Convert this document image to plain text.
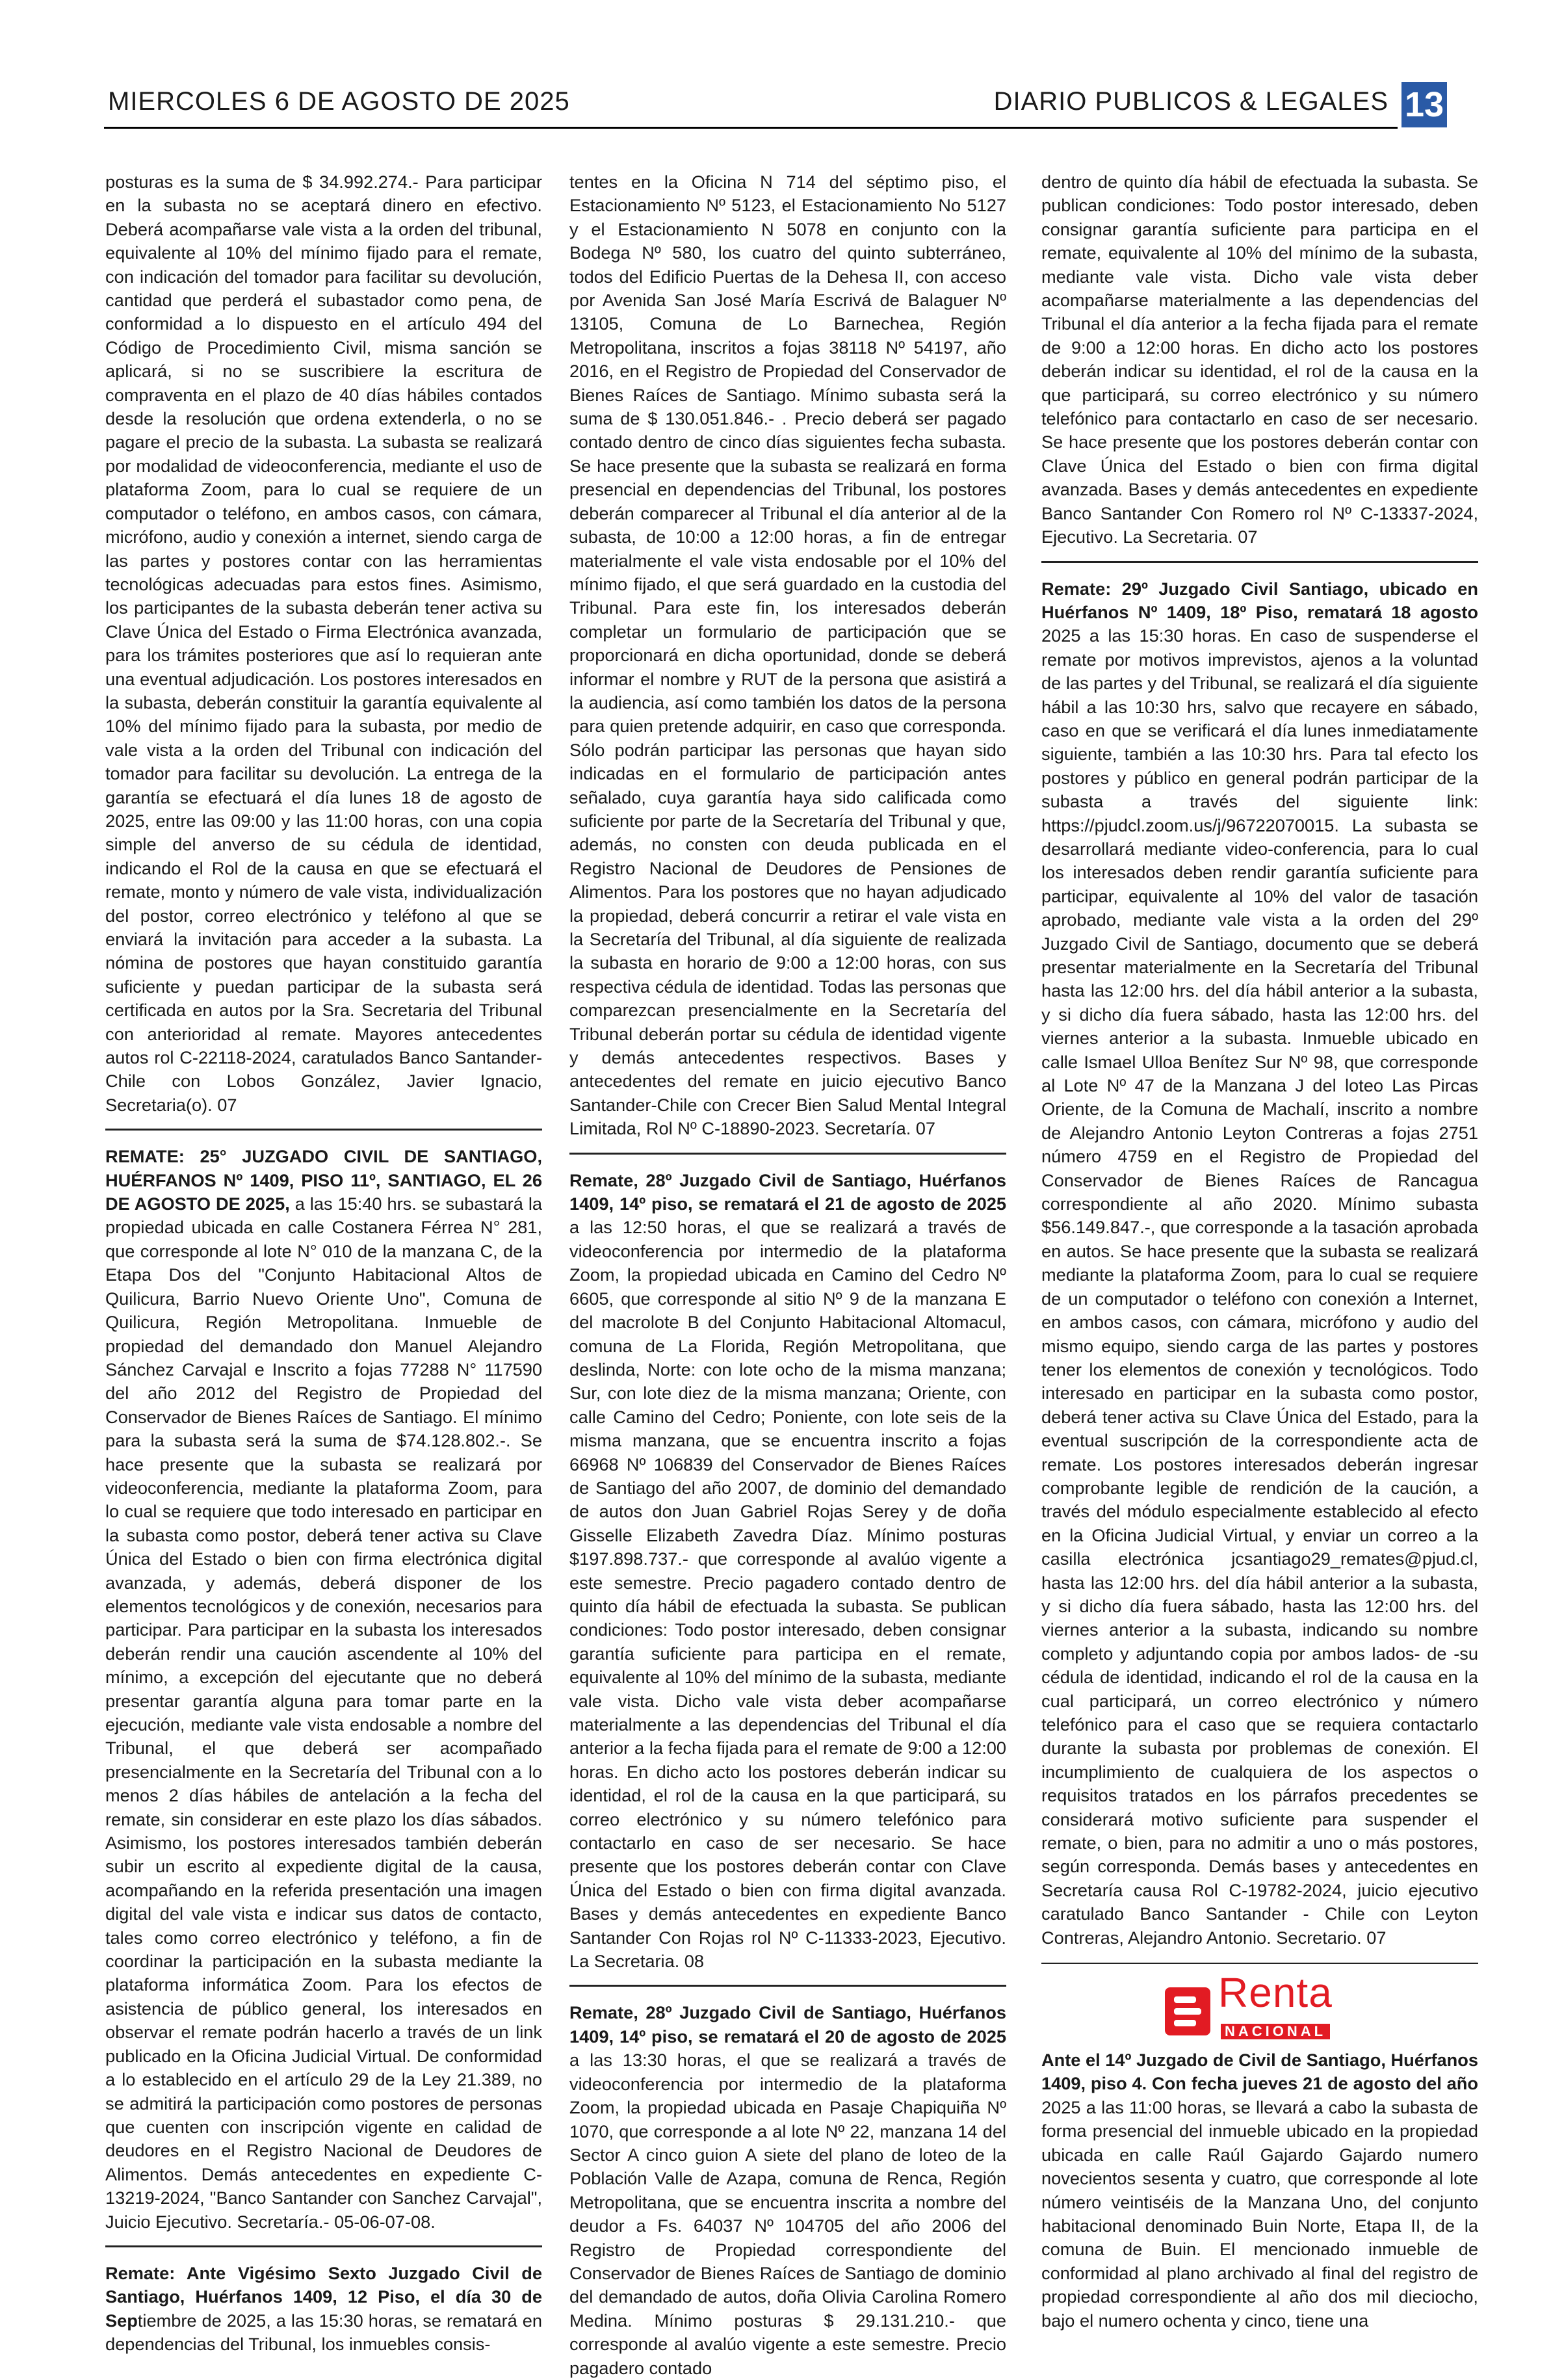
MIERCOLES 6 DE AGOSTO DE 2025	DIARIO PUBLICOS & LEGALES 13

posturas es la suma de $ 34.992.274.- Para participar en la subasta no se aceptará dinero en efectivo. Deberá acompañarse vale vista a la orden del tribunal, equivalente al 10% del mínimo fijado para el remate, con indicación del tomador para facilitar su devolución, cantidad que perderá el subastador como pena, de conformidad a lo dispuesto en el artículo 494 del Código de Procedimiento Civil, misma sanción se aplicará, si no se suscribiere la escritura de compraventa en el plazo de 40 días hábiles contados desde la resolución que ordena extenderla, o no se pagare el precio de la subasta. La subasta se realizará por modalidad de videoconferencia, mediante el uso de plataforma Zoom, para lo cual se requiere de un computador o teléfono, en ambos casos, con cámara, micrófono, audio y conexión a internet, siendo carga de las partes y postores contar con las herramientas tecnológicas adecuadas para estos fines. Asimismo, los participantes de la subasta deberán tener activa su Clave Única del Estado o Firma Electrónica avanzada, para los trámites posteriores que así lo requieran ante una eventual adjudicación. Los postores interesados en la subasta, deberán constituir la garantía equivalente al 10% del mínimo fijado para la subasta, por medio de vale vista a la orden del Tribunal con indicación del tomador para facilitar su devolución. La entrega de la garantía se efectuará el día lunes 18 de agosto de 2025, entre las 09:00 y las 11:00 horas, con una copia simple del anverso de su cédula de identidad, indicando el Rol de la causa en que se efectuará el remate, monto y número de vale vista, individualización del postor, correo electrónico y teléfono al que se enviará la invitación para acceder a la subasta. La nómina de postores que hayan constituido garantía suficiente y puedan participar de la subasta será certificada en autos por la Sra. Secretaria del Tribunal con anterioridad al remate. Mayores antecedentes autos rol C-22118-2024, caratulados Banco Santander-Chile con Lobos González, Javier Ignacio, Secretaria(o). 07

REMATE: 25° JUZGADO CIVIL DE SANTIAGO, HUÉRFANOS Nº 1409, PISO 11º, SANTIAGO, EL 26 DE AGOSTO DE 2025, a las 15:40 hrs. se subastará la propiedad ubicada en calle Costanera Férrea N° 281, que corresponde al lote N° 010 de la manzana C, de la Etapa Dos del "Conjunto Habitacional Altos de Quilicura, Barrio Nuevo Oriente Uno", Comuna de Quilicura, Región Metropolitana. Inmueble de propiedad del demandado don Manuel Alejandro Sánchez Carvajal e Inscrito a fojas 77288 N° 117590 del año 2012 del Registro de Propiedad del Conservador de Bienes Raíces de Santiago. El mínimo para la subasta será la suma de $74.128.802.-. Se hace presente que la subasta se realizará por videoconferencia, mediante la plataforma Zoom, para lo cual se requiere que todo interesado en participar en la subasta como postor, deberá tener activa su Clave Única del Estado o bien con firma electrónica digital avanzada, y además, deberá disponer de los elementos tecnológicos y de conexión, necesarios para participar. Para participar en la subasta los interesados deberán rendir una caución ascendente al 10% del mínimo, a excepción del ejecutante que no deberá presentar garantía alguna para tomar parte en la ejecución, mediante vale vista endosable a nombre del Tribunal, el que deberá ser acompañado presencialmente en la Secretaría del Tribunal con a lo menos 2 días hábiles de antelación a la fecha del remate, sin considerar en este plazo los días sábados. Asimismo, los postores interesados también deberán subir un escrito al expediente digital de la causa, acompañando en la referida presentación una imagen digital del vale vista e indicar sus datos de contacto, tales como correo electrónico y teléfono, a fin de coordinar la participación en la subasta mediante la plataforma informática Zoom. Para los efectos de asistencia de público general, los interesados en observar el remate podrán hacerlo a través de un link publicado en la Oficina Judicial Virtual. De conformidad a lo establecido en el artículo 29 de la Ley 21.389, no se admitirá la participación como postores de personas que cuenten con inscripción vigente en calidad de deudores en el Registro Nacional de Deudores de Alimentos. Demás antecedentes en expediente C-13219-2024, "Banco Santander con Sanchez Carvajal", Juicio Ejecutivo. Secretaría.- 05-06-07-08.

Remate: Ante Vigésimo Sexto Juzgado Civil de Santiago, Huérfanos 1409, 12 Piso, el día 30 de Septiembre de 2025, a las 15:30 horas, se rematará en dependencias del Tribunal, los inmuebles consis-

tentes en la Oficina N 714 del séptimo piso, el Estacionamiento Nº 5123, el Estacionamiento No 5127 y el Estacionamiento N 5078 en conjunto con la Bodega Nº 580, los cuatro del quinto subterráneo, todos del Edificio Puertas de la Dehesa II, con acceso por Avenida San José María Escrivá de Balaguer Nº 13105, Comuna de Lo Barnechea, Región Metropolitana, inscritos a fojas 38118 Nº 54197, año 2016, en el Registro de Propiedad del Conservador de Bienes Raíces de Santiago. Mínimo subasta será la suma de $ 130.051.846.- . Precio deberá ser pagado contado dentro de cinco días siguientes fecha subasta. Se hace presente que la subasta se realizará en forma presencial en dependencias del Tribunal, los postores deberán comparecer al Tribunal el día anterior al de la subasta, de 10:00 a 12:00 horas, a fin de entregar materialmente el vale vista endosable por el 10% del mínimo fijado, el que será guardado en la custodia del Tribunal. Para este fin, los interesados deberán completar un formulario de participación que se proporcionará en dicha oportunidad, donde se deberá informar el nombre y RUT de la persona que asistirá a la audiencia, así como también los datos de la persona para quien pretende adquirir, en caso que corresponda. Sólo podrán participar las personas que hayan sido indicadas en el formulario de participación antes señalado, cuya garantía haya sido calificada como suficiente por parte de la Secretaría del Tribunal y que, además, no consten con deuda publicada en el Registro Nacional de Deudores de Pensiones de Alimentos. Para los postores que no hayan adjudicado la propiedad, deberá concurrir a retirar el vale vista en la Secretaría del Tribunal, al día siguiente de realizada la subasta en horario de 9:00 a 12:00 horas, con sus respectiva cédula de identidad. Todas las personas que comparezcan presencialmente en la Secretaría del Tribunal deberán portar su cédula de identidad vigente y demás antecedentes respectivos. Bases y antecedentes del remate en juicio ejecutivo Banco Santander-Chile con Crecer Bien Salud Mental Integral Limitada, Rol Nº C-18890-2023. Secretaría. 07

Remate, 28º Juzgado Civil de Santiago, Huérfanos 1409, 14º piso, se rematará el 21 de agosto de 2025 a las 12:50 horas, el que se realizará a través de videoconferencia por intermedio de la plataforma Zoom, la propiedad ubicada en Camino del Cedro Nº 6605, que corresponde al sitio Nº 9 de la manzana E del macrolote B del Conjunto Habitacional Altomacul, comuna de La Florida, Región Metropolitana, que deslinda, Norte: con lote ocho de la misma manzana; Sur, con lote diez de la misma manzana; Oriente, con calle Camino del Cedro; Poniente, con lote seis de la misma manzana, que se encuentra inscrito a fojas 66968 Nº 106839 del Conservador de Bienes Raíces de Santiago del año 2007, de dominio del demandado de autos don Juan Gabriel Rojas Serey y de doña Gisselle Elizabeth Zavedra Díaz. Mínimo posturas $197.898.737.- que corresponde al avalúo vigente a este semestre. Precio pagadero contado dentro de quinto día hábil de efectuada la subasta. Se publican condiciones: Todo postor interesado, deben consignar garantía suficiente para participa en el remate, equivalente al 10% del mínimo de la subasta, mediante vale vista. Dicho vale vista deber acompañarse materialmente a las dependencias del Tribunal el día anterior a la fecha fijada para el remate de 9:00 a 12:00 horas. En dicho acto los postores deberán indicar su identidad, el rol de la causa en la que participará, su correo electrónico y su número telefónico para contactarlo en caso de ser necesario. Se hace presente que los postores deberán contar con Clave Única del Estado o bien con firma digital avanzada. Bases y demás antecedentes en expediente Banco Santander Con Rojas rol Nº C-11333-2023, Ejecutivo. La Secretaria. 08

Remate, 28º Juzgado Civil de Santiago, Huérfanos 1409, 14º piso, se rematará el 20 de agosto de 2025 a las 13:30 horas, el que se realizará a través de videoconferencia por intermedio de la plataforma Zoom, la propiedad ubicada en Pasaje Chapiquiña Nº 1070, que corresponde a al lote Nº 22, manzana 14 del Sector A cinco guion A siete del plano de loteo de la Población Valle de Azapa, comuna de Renca, Región Metropolitana, que se encuentra inscrita a nombre del deudor a Fs. 64037 Nº 104705 del año 2006 del Registro de Propiedad correspondiente del Conservador de Bienes Raíces de Santiago de dominio del demandado de autos, doña Olivia Carolina Romero Medina. Mínimo posturas $ 29.131.210.- que corresponde al avalúo vigente a este semestre. Precio pagadero contado

dentro de quinto día hábil de efectuada la subasta. Se publican condiciones: Todo postor interesado, deben consignar garantía suficiente para participa en el remate, equivalente al 10% del mínimo de la subasta, mediante vale vista. Dicho vale vista deber acompañarse materialmente a las dependencias del Tribunal el día anterior a la fecha fijada para el remate de 9:00 a 12:00 horas. En dicho acto los postores deberán indicar su identidad, el rol de la causa en la que participará, su correo electrónico y su número telefónico para contactarlo en caso de ser necesario. Se hace presente que los postores deberán contar con Clave Única del Estado o bien con firma digital avanzada. Bases y demás antecedentes en expediente Banco Santander Con Romero rol Nº C-13337-2024, Ejecutivo. La Secretaria. 07

Remate: 29º Juzgado Civil Santiago, ubicado en Huérfanos Nº 1409, 18º Piso, rematará 18 agosto 2025 a las 15:30 horas. En caso de suspenderse el remate por motivos imprevistos, ajenos a la voluntad de las partes y del Tribunal, se realizará el día siguiente hábil a las 10:30 hrs, salvo que recayere en sábado, caso en que se verificará el día lunes inmediatamente siguiente, también a las 10:30 hrs. Para tal efecto los postores y público en general podrán participar de la subasta a través del siguiente link: https://pjudcl.zoom.us/j/96722070015. La subasta se desarrollará mediante video-conferencia, para lo cual los interesados deben rendir garantía suficiente para participar, equivalente al 10% del valor de tasación aprobado, mediante vale vista a la orden del 29º Juzgado Civil de Santiago, documento que se deberá presentar materialmente en la Secretaría del Tribunal hasta las 12:00 hrs. del día hábil anterior a la subasta, y si dicho día fuera sábado, hasta las 12:00 hrs. del viernes anterior a la subasta. Inmueble ubicado en calle Ismael Ulloa Benítez Sur Nº 98, que corresponde al Lote Nº 47 de la Manzana J del loteo Las Pircas Oriente, de la Comuna de Machalí, inscrito a nombre de Alejandro Antonio Leyton Contreras a fojas 2751 número 4759 en el Registro de Propiedad del Conservador de Bienes Raíces de Rancagua correspondiente al año 2020. Mínimo subasta $56.149.847.-, que corresponde a la tasación aprobada en autos. Se hace presente que la subasta se realizará mediante la plataforma Zoom, para lo cual se requiere de un computador o teléfono con conexión a Internet, en ambos casos, con cámara, micrófono y audio del mismo equipo, siendo carga de las partes y postores tener los elementos de conexión y tecnológicos. Todo interesado en participar en la subasta como postor, deberá tener activa su Clave Única del Estado, para la eventual suscripción de la correspondiente acta de remate. Los postores interesados deberán ingresar comprobante legible de rendición de la caución, a través del módulo especialmente establecido al efecto en la Oficina Judicial Virtual, y enviar un correo a la casilla electrónica jcsantiago29_remates@pjud.cl, hasta las 12:00 hrs. del día hábil anterior a la subasta, y si dicho día fuera sábado, hasta las 12:00 hrs. del viernes anterior a la subasta, indicando su nombre completo y adjuntando copia por ambos lados- de -su cédula de identidad, indicando el rol de la causa en la cual participará, un correo electrónico y número telefónico para el caso que se requiera contactarlo durante la subasta por problemas de conexión. El incumplimiento de cualquiera de los aspectos o requisitos tratados en los párrafos precedentes se considerará motivo suficiente para suspender el remate, o bien, para no admitir a uno o más postores, según corresponda. Demás bases y antecedentes en Secretaría causa Rol C-19782-2024, juicio ejecutivo caratulado Banco Santander - Chile con Leyton Contreras, Alejandro Antonio. Secretario. 07

Renta
NACIONAL

Ante el 14º Juzgado de Civil de Santiago, Huérfanos 1409, piso 4. Con fecha jueves 21 de agosto del año 2025 a las 11:00 horas, se llevará a cabo la subasta de forma presencial del inmueble ubicado en la propiedad ubicada en calle Raúl Gajardo Gajardo numero novecientos sesenta y cuatro, que corresponde al lote número veintiséis de la Manzana Uno, del conjunto habitacional denominado Buin Norte, Etapa II, de la comuna de Buin. El mencionado inmueble de conformidad al plano archivado al final del registro de propiedad correspondiente al año dos mil dieciocho, bajo el numero ochenta y cinco, tiene una
